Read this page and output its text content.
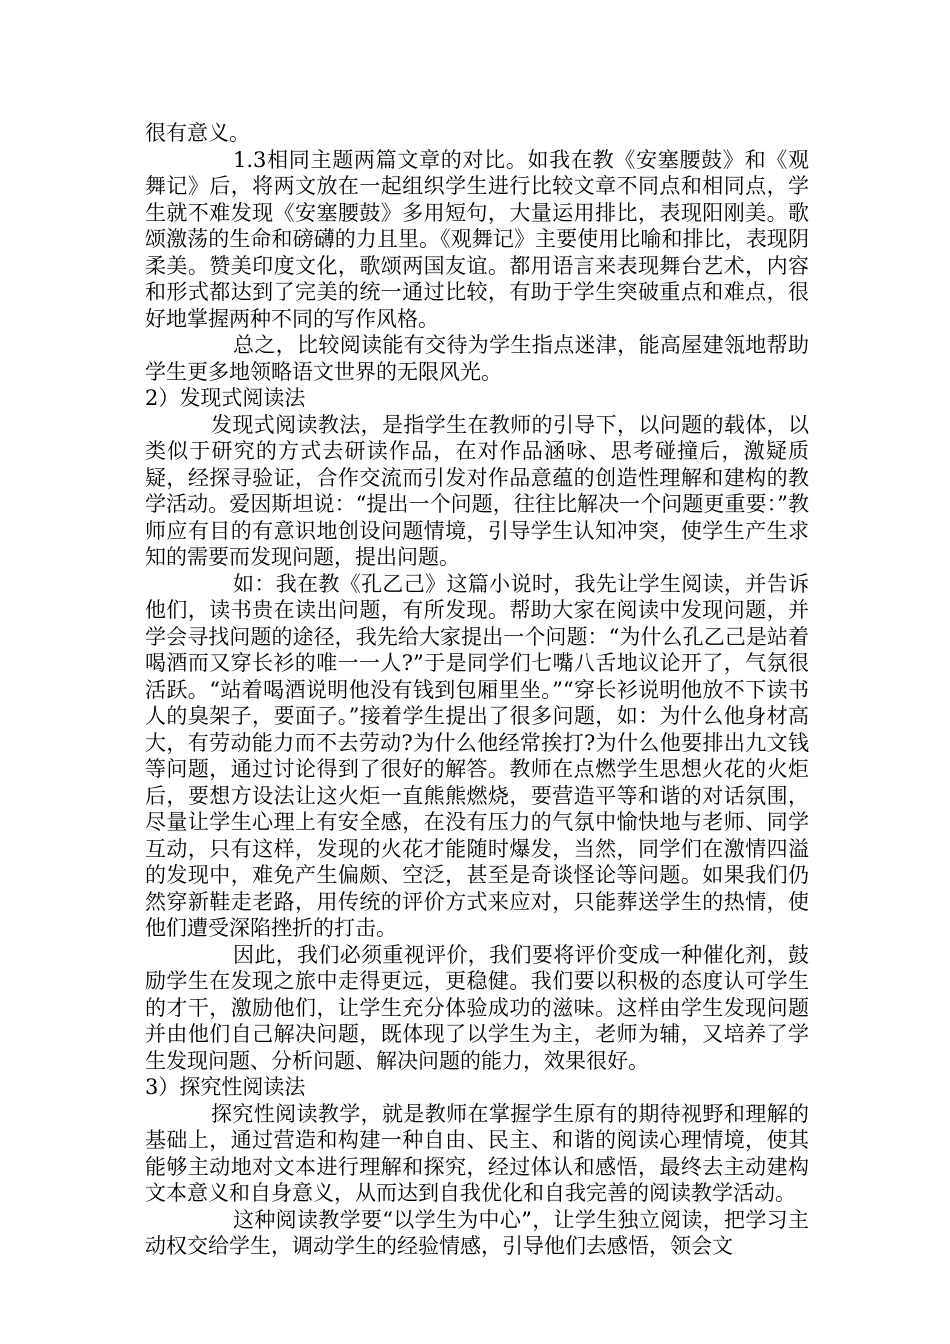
很有意义。

1.3相同主题两篇文章的对比。如我在教《安塞腰鼓》和《观舞记》后，将两文放在一起组织学生进行比较文章不同点和相同点，学生就不难发现《安塞腰鼓》多用短句，大量运用排比，表现阳刚美。歌颂激荡的生命和磅礴的力且里。《观舞记》主要使用比喻和排比，表现阴柔美。赞美印度文化，歌颂两国友谊。都用语言来表现舞台艺术，内容和形式都达到了完美的统一通过比较，有助于学生突破重点和难点，很好地掌握两种不同的写作风格。

总之，比较阅读能有交待为学生指点迷津，能高屋建瓴地帮助学生更多地领略语文世界的无限风光。

2）发现式阅读法

发现式阅读教法，是指学生在教师的引导下，以问题的载体，以类似于研究的方式去研读作品，在对作品涵咏、思考碰撞后，激疑质疑，经探寻验证，合作交流而引发对作品意蕴的创造性理解和建构的教学活动。爱因斯坦说：“提出一个问题，往往比解决一个问题更重要：”教师应有目的有意识地创设问题情境，引导学生认知冲突，使学生产生求知的需要而发现问题，提出问题。

如：我在教《孔乙己》这篇小说时，我先让学生阅读，并告诉他们，读书贵在读出问题，有所发现。帮助大家在阅读中发现问题，并学会寻找问题的途径，我先给大家提出一个问题：“为什么孔乙己是站着喝酒而又穿长衫的唯一一人?”于是同学们七嘴八舌地议论开了，气氛很活跃。“站着喝酒说明他没有钱到包厢里坐。”“穿长衫说明他放不下读书人的臭架子，要面子。”接着学生提出了很多问题，如：为什么他身材高大，有劳动能力而不去劳动?为什么他经常挨打?为什么他要排出九文钱等问题，通过讨论得到了很好的解答。教师在点燃学生思想火花的火炬后，要想方设法让这火炬一直熊熊燃烧，要营造平等和谐的对话氛围，尽量让学生心理上有安全感，在没有压力的气氛中愉快地与老师、同学互动，只有这样，发现的火花才能随时爆发，当然，同学们在激情四溢的发现中，难免产生偏颇、空泛，甚至是奇谈怪论等问题。如果我们仍然穿新鞋走老路，用传统的评价方式来应对，只能葬送学生的热情，使他们遭受深陷挫折的打击。

因此，我们必须重视评价，我们要将评价变成一种催化剂，鼓励学生在发现之旅中走得更远，更稳健。我们要以积极的态度认可学生的才干，激励他们，让学生充分体验成功的滋味。这样由学生发现问题并由他们自己解决问题，既体现了以学生为主，老师为辅，又培养了学生发现问题、分析问题、解决问题的能力，效果很好。

3）探究性阅读法

探究性阅读教学，就是教师在掌握学生原有的期待视野和理解的基础上，通过营造和构建一种自由、民主、和谐的阅读心理情境，使其能够主动地对文本进行理解和探究，经过体认和感悟，最终去主动建构文本意义和自身意义，从而达到自我优化和自我完善的阅读教学活动。

这种阅读教学要“以学生为中心”，让学生独立阅读，把学习主动权交给学生，调动学生的经验情感，引导他们去感悟，领会文
